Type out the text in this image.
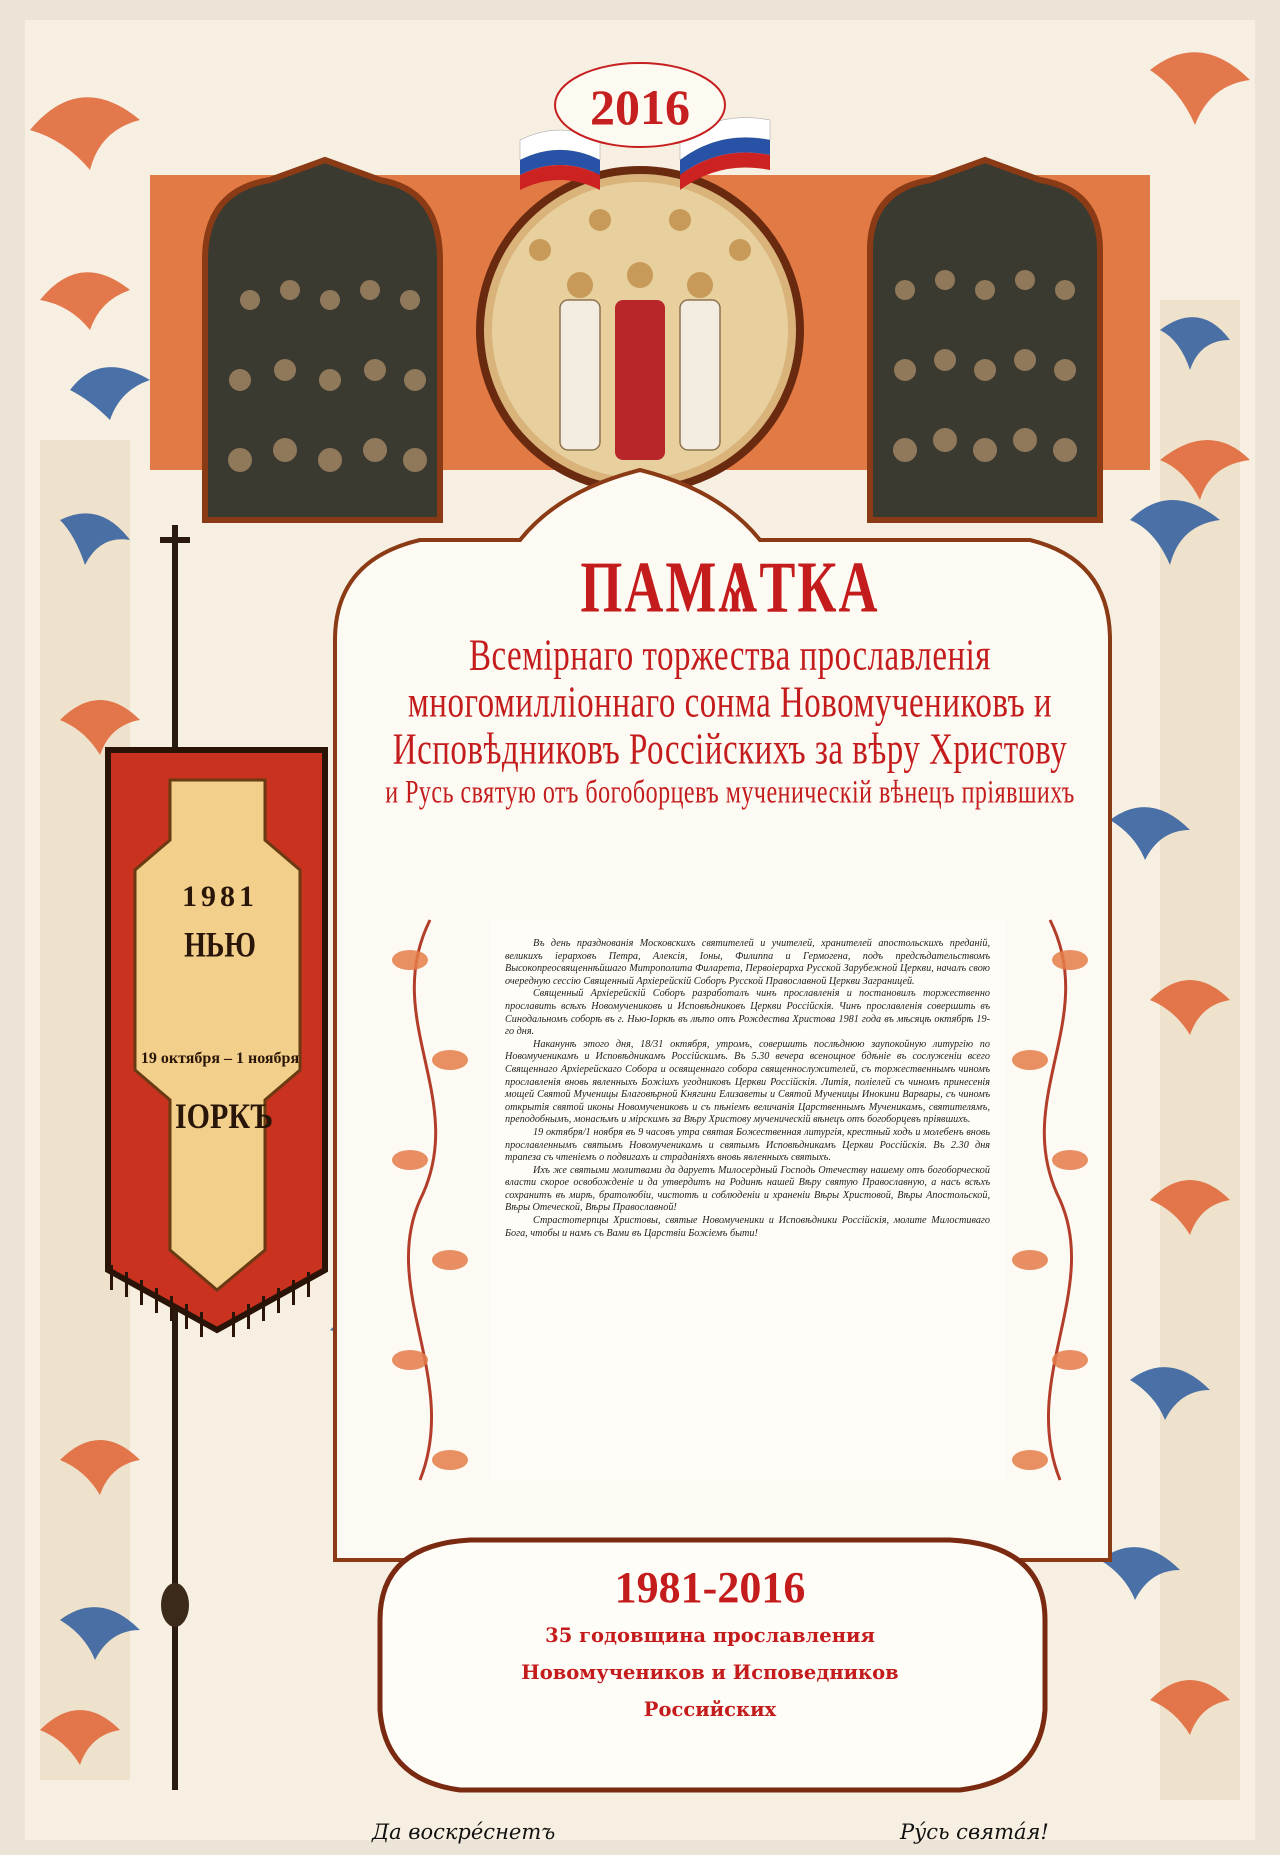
2016
ПАМѦТКА
Всемірнаго торжества прославленія
многомилліоннаго сонма Новомучениковъ и
Исповѣдниковъ Россійскихъ за вѣру Христову
и Русь святую отъ богоборцевъ мученическій вѣнецъ пріявшихъ
1981
НЬЮ
19 октября – 1 ноября
ІОРКЪ

Въ день празднованія Московскихъ святителей и учителей, хранителей апостольскихъ преданій, великихъ іерарховъ Петра, Алексія, Іоны, Филиппа и Гермогена, подъ предсѣдательствомъ Высокопреосвященнѣйшаго Митрополита Филарета, Первоіерарха Русской Зарубежной Церкви, началъ свою очередную сессію Священный Архіерейскій Соборъ Русской Православной Церкви Заграницей.

Священный Архіерейскій Соборъ разработалъ чинъ прославленія и постановилъ торжественно прославить всѣхъ Новомучениковъ и Исповѣдниковъ Церкви Россійскія. Чинъ прославленія совершить въ Синодальномъ соборѣ въ г. Нью-Іоркѣ въ лѣто отъ Рождества Христова 1981 года въ мѣсяцѣ октябрѣ 19-го дня.

Наканунѣ этого дня, 18/31 октября, утромъ, совершить послѣднюю заупокойную литургію по Новомученикамъ и Исповѣдникамъ Россійскимъ. Въ 5.30 вечера всенощное бдѣніе въ сослуженіи всего Священнаго Архіерейскаго Собора и освященнаго собора священнослужителей, съ торжественнымъ чиномъ прославленія вновь явленныхъ Божіихъ угодниковъ Церкви Россійскія. Литія, полiелей съ чиномъ принесенія мощей Святой Мученицы Благовѣрной Княгини Елизаветы и Святой Мученицы Инокини Варвары, съ чиномъ открытія святой иконы Новомучениковъ и съ пѣніемъ величанія Царственнымъ Мученикамъ, святителямъ, преподобнымъ, монасѣмъ и мірскимъ за Вѣру Христову мученическій вѣнецъ отъ богоборцевъ пріявшихъ.

19 октября/1 ноября въ 9 часовъ утра святая Божественная литургія, крестный ходъ и молебенъ вновь прославленнымъ святымъ Новомученикамъ и святымъ Исповѣдникамъ Церкви Россійскія. Въ 2.30 дня трапеза съ чтеніемъ о подвигахъ и страданіяхъ вновь явленныхъ святыхъ.

Ихъ же святыми молитвами да даруетъ Милосердный Господь Отечеству нашему отъ богоборческой власти скорое освобожденіе и да утвердитъ на Родинѣ нашей Вѣру святую Православную, а насъ всѣхъ сохранитъ въ мирѣ, братолюбіи, чистотѣ и соблюденіи и храненіи Вѣры Христовой, Вѣры Апостольской, Вѣры Отеческой, Вѣры Православной!

Страстотерпцы Христовы, святые Новомученики и Исповѣдники Россійскія, молите Милостиваго Бога, чтобы и намъ съ Вами въ Царствіи Божіемъ быти!

1981-2016
35 годовщина прославления
Новомучеников и Исповедников
Российских
Да воскре́снетъ	Ру́сь свята́я!
